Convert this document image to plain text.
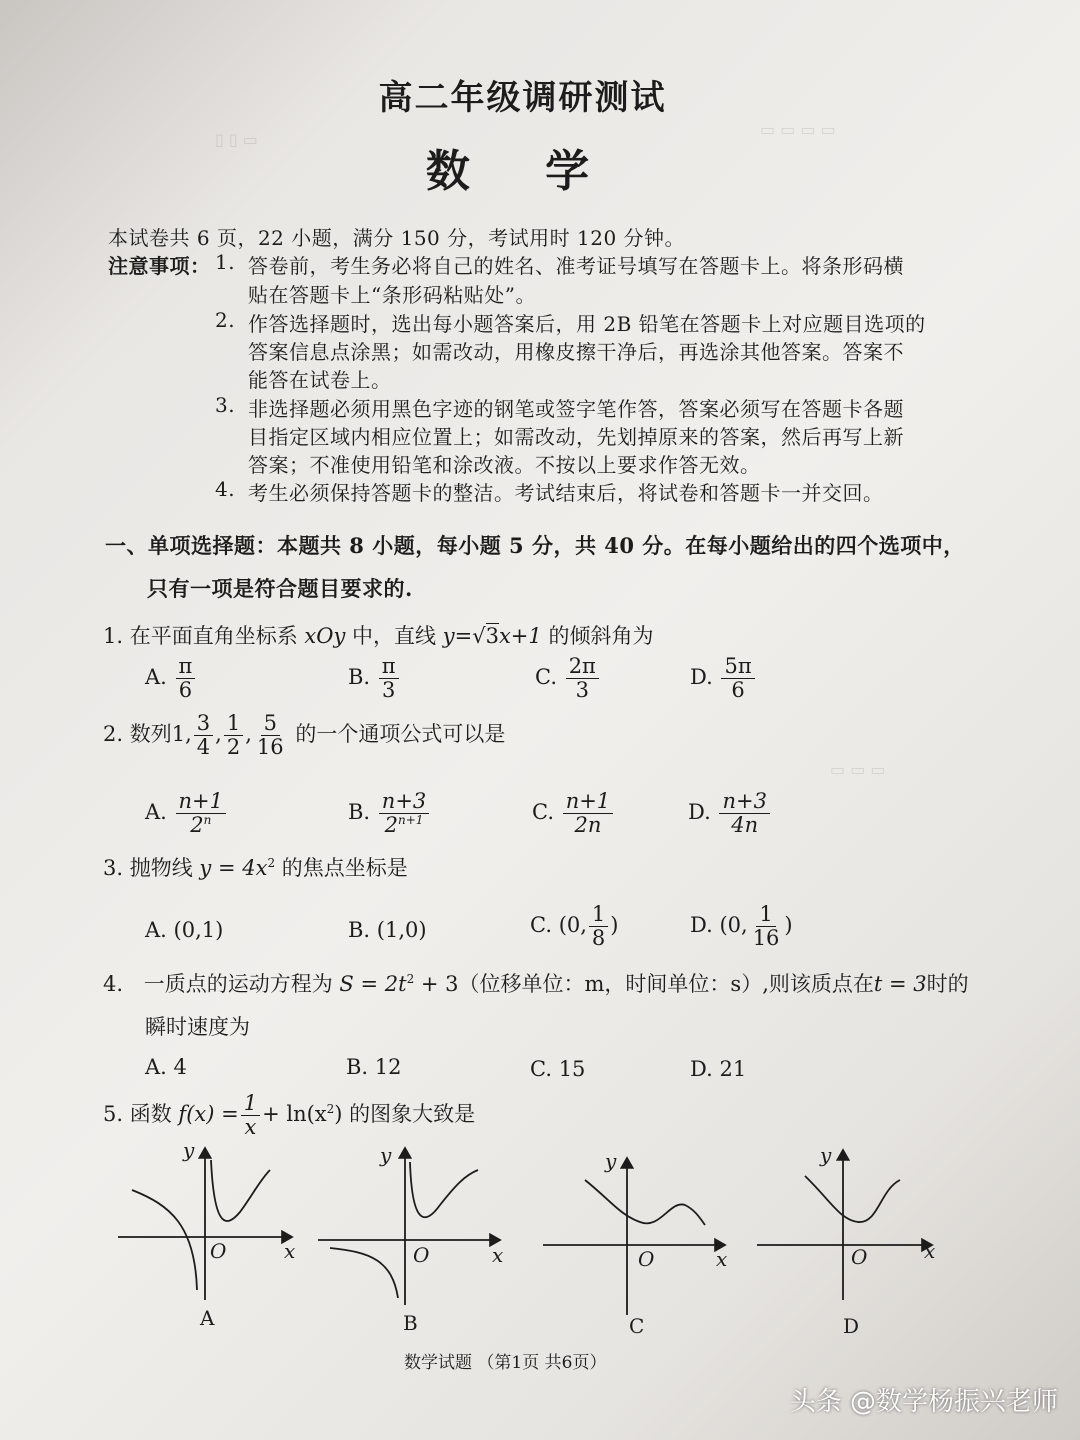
▯ ▯ ▭
▭ ▭ ▭ ▭
▭ ▭ ▭
高二年级调研测试
数 学
本试卷共 6 页，22 小题，满分 150 分，考试用时 120 分钟。
注意事项： 1. 答卷前，考生务必将自己的姓名、准考证号填写在答题卡上。将条形码横
贴在答题卡上“条形码粘贴处”。
2. 作答选择题时，选出每小题答案后，用 2B 铅笔在答题卡上对应题目选项的
答案信息点涂黑；如需改动，用橡皮擦干净后，再选涂其他答案。答案不
能答在试卷上。
3. 非选择题必须用黑色字迹的钢笔或签字笔作答，答案必须写在答题卡各题
目指定区域内相应位置上；如需改动，先划掉原来的答案，然后再写上新
答案；不准使用铅笔和涂改液。不按以上要求作答无效。
4. 考生必须保持答题卡的整洁。考试结束后，将试卷和答题卡一并交回。
一、单项选择题：本题共 8 小题，每小题 5 分，共 40 分。在每小题给出的四个选项中，
只有一项是符合题目要求的.
1. 在平面直角坐标系 xOy 中，直线 y=√3x+1 的倾斜角为
A. $\frac{\pi}{6}$	B. $\frac{\pi}{3}$	C. $\frac{2\pi}{3}$	D. $\frac{5\pi}{6}$
2. 数列1, $\frac{3}{4}$ , $\frac{1}{2}$ , $\frac{5}{16}$ 的一个通项公式可以是
A. $\frac{n+1}{2^n}$	B. $\frac{n+3}{2^{n+1}}$	C. $\frac{n+1}{2n}$	D. $\frac{n+3}{4n}$
3. 抛物线 $y = 4x^2$ 的焦点坐标是
A. (0,1)	B. (1,0)	C. (0, $\frac{1}{8}$ )	D. (0, $\frac{1}{16}$ )
4. 一质点的运动方程为 $S = 2t^2 + 3$（位移单位：m，时间单位：s）,则该质点在t = 3时的
瞬时速度为
A. 4	B. 12	C. 15	D. 21
5. 函数 $f(x) = \frac{1}{x} + \ln(x^2)$ 的图象大致是
y
x
O
y
x
O
y
x
O
y
x
O
A	B	C	D
数学试题 （第1页 共6页）
头条 @数学杨振兴老师
